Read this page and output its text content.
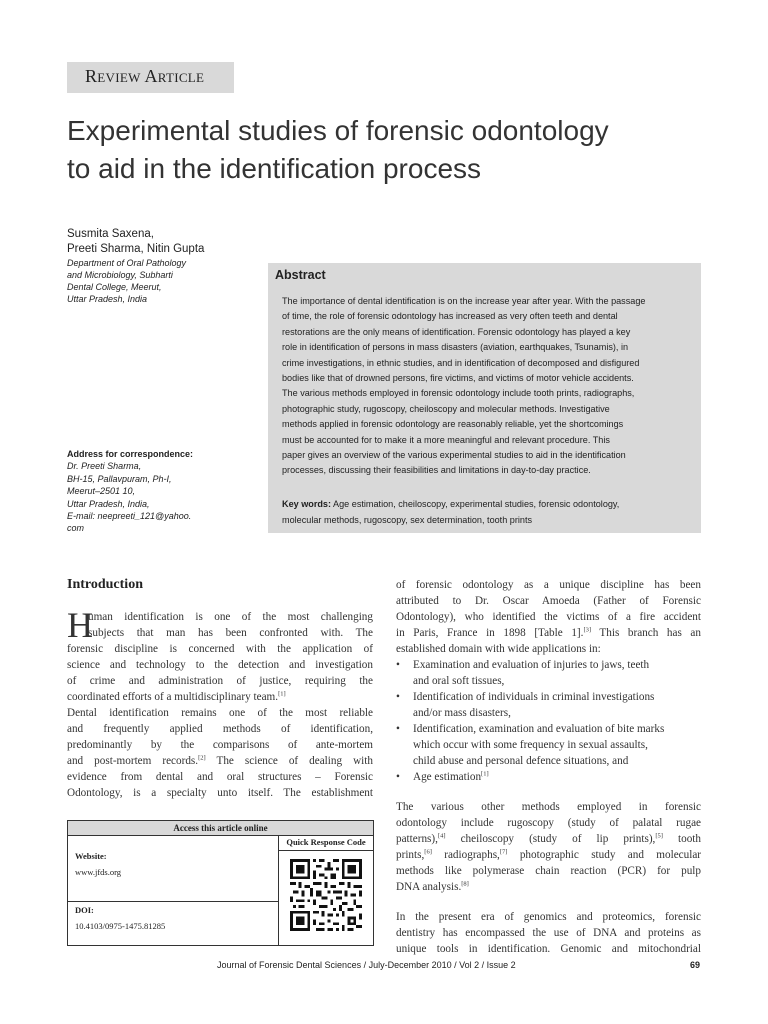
Review Article
Experimental studies of forensic odontology
to aid in the identification process
Susmita Saxena,
Preeti Sharma, Nitin Gupta
Department of Oral Pathology
and Microbiology, Subharti
Dental College, Meerut,
Uttar Pradesh, India
Address for correspondence:
Dr. Preeti Sharma,
BH-15, Pallavpuram, Ph-I,
Meerut–2501 10,
Uttar Pradesh, India,
E-mail: neepreeti_121@yahoo.
com
Abstract
The importance of dental identification is on the increase year after year. With the passage
of time, the role of forensic odontology has increased as very often teeth and dental
restorations are the only means of identification. Forensic odontology has played a key
role in identification of persons in mass disasters (aviation, earthquakes, Tsunamis), in
crime investigations, in ethnic studies, and in identification of decomposed and disfigured
bodies like that of drowned persons, fire victims, and victims of motor vehicle accidents.
The various methods employed in forensic odontology include tooth prints, radiographs,
photographic study, rugoscopy, cheiloscopy and molecular methods. Investigative
methods applied in forensic odontology are reasonably reliable, yet the shortcomings
must be accounted for to make it a more meaningful and relevant procedure. This
paper gives an overview of the various experimental studies to aid in the identification
processes, discussing their feasibilities and limitations in day-to-day practice.
Key words: Age estimation, cheiloscopy, experimental studies, forensic odontology,
molecular methods, rugoscopy, sex determination, tooth prints
Introduction
H
uman identification is one of the most challenging
subjects that man has been confronted with. The
forensic discipline is concerned with the application of
science and technology to the detection and investigation
of crime and administration of justice, requiring the
coordinated efforts of a multidisciplinary team.[1]
Dental identification remains one of the most reliable
and frequently applied methods of identification,
predominantly by the comparisons of ante-mortem
and post-mortem records.[2] The science of dealing with
evidence from dental and oral structures – Forensic
Odontology, is a specialty unto itself. The establishment
of forensic odontology as a unique discipline has been
attributed to Dr. Oscar Amoeda (Father of Forensic
Odontology), who identified the victims of a fire accident
in Paris, France in 1898 [Table 1].[3] This branch has an
established domain with wide applications in:
• Examination and evaluation of injuries to jaws, teeth
and oral soft tissues,
• Identification of individuals in criminal investigations
and/or mass disasters,
• Identification, examination and evaluation of bite marks
which occur with some frequency in sexual assaults,
child abuse and personal defence situations, and
• Age estimation[1]
The various other methods employed in forensic
odontology include rugoscopy (study of palatal rugae
patterns),[4] cheiloscopy (study of lip prints),[5] tooth
prints,[6] radiographs,[7] photographic study and molecular
methods like polymerase chain reaction (PCR) for pulp
DNA analysis.[8]
In the present era of genomics and proteomics, forensic
dentistry has encompassed the use of DNA and proteins as
unique tools in identification. Genomic and mitochondrial
Access this article online
Quick Response Code
Website:
www.jfds.org
DOI:
10.4103/0975-1475.81285
Journal of Forensic Dental Sciences / July-December 2010 / Vol 2 / Issue 2	69
